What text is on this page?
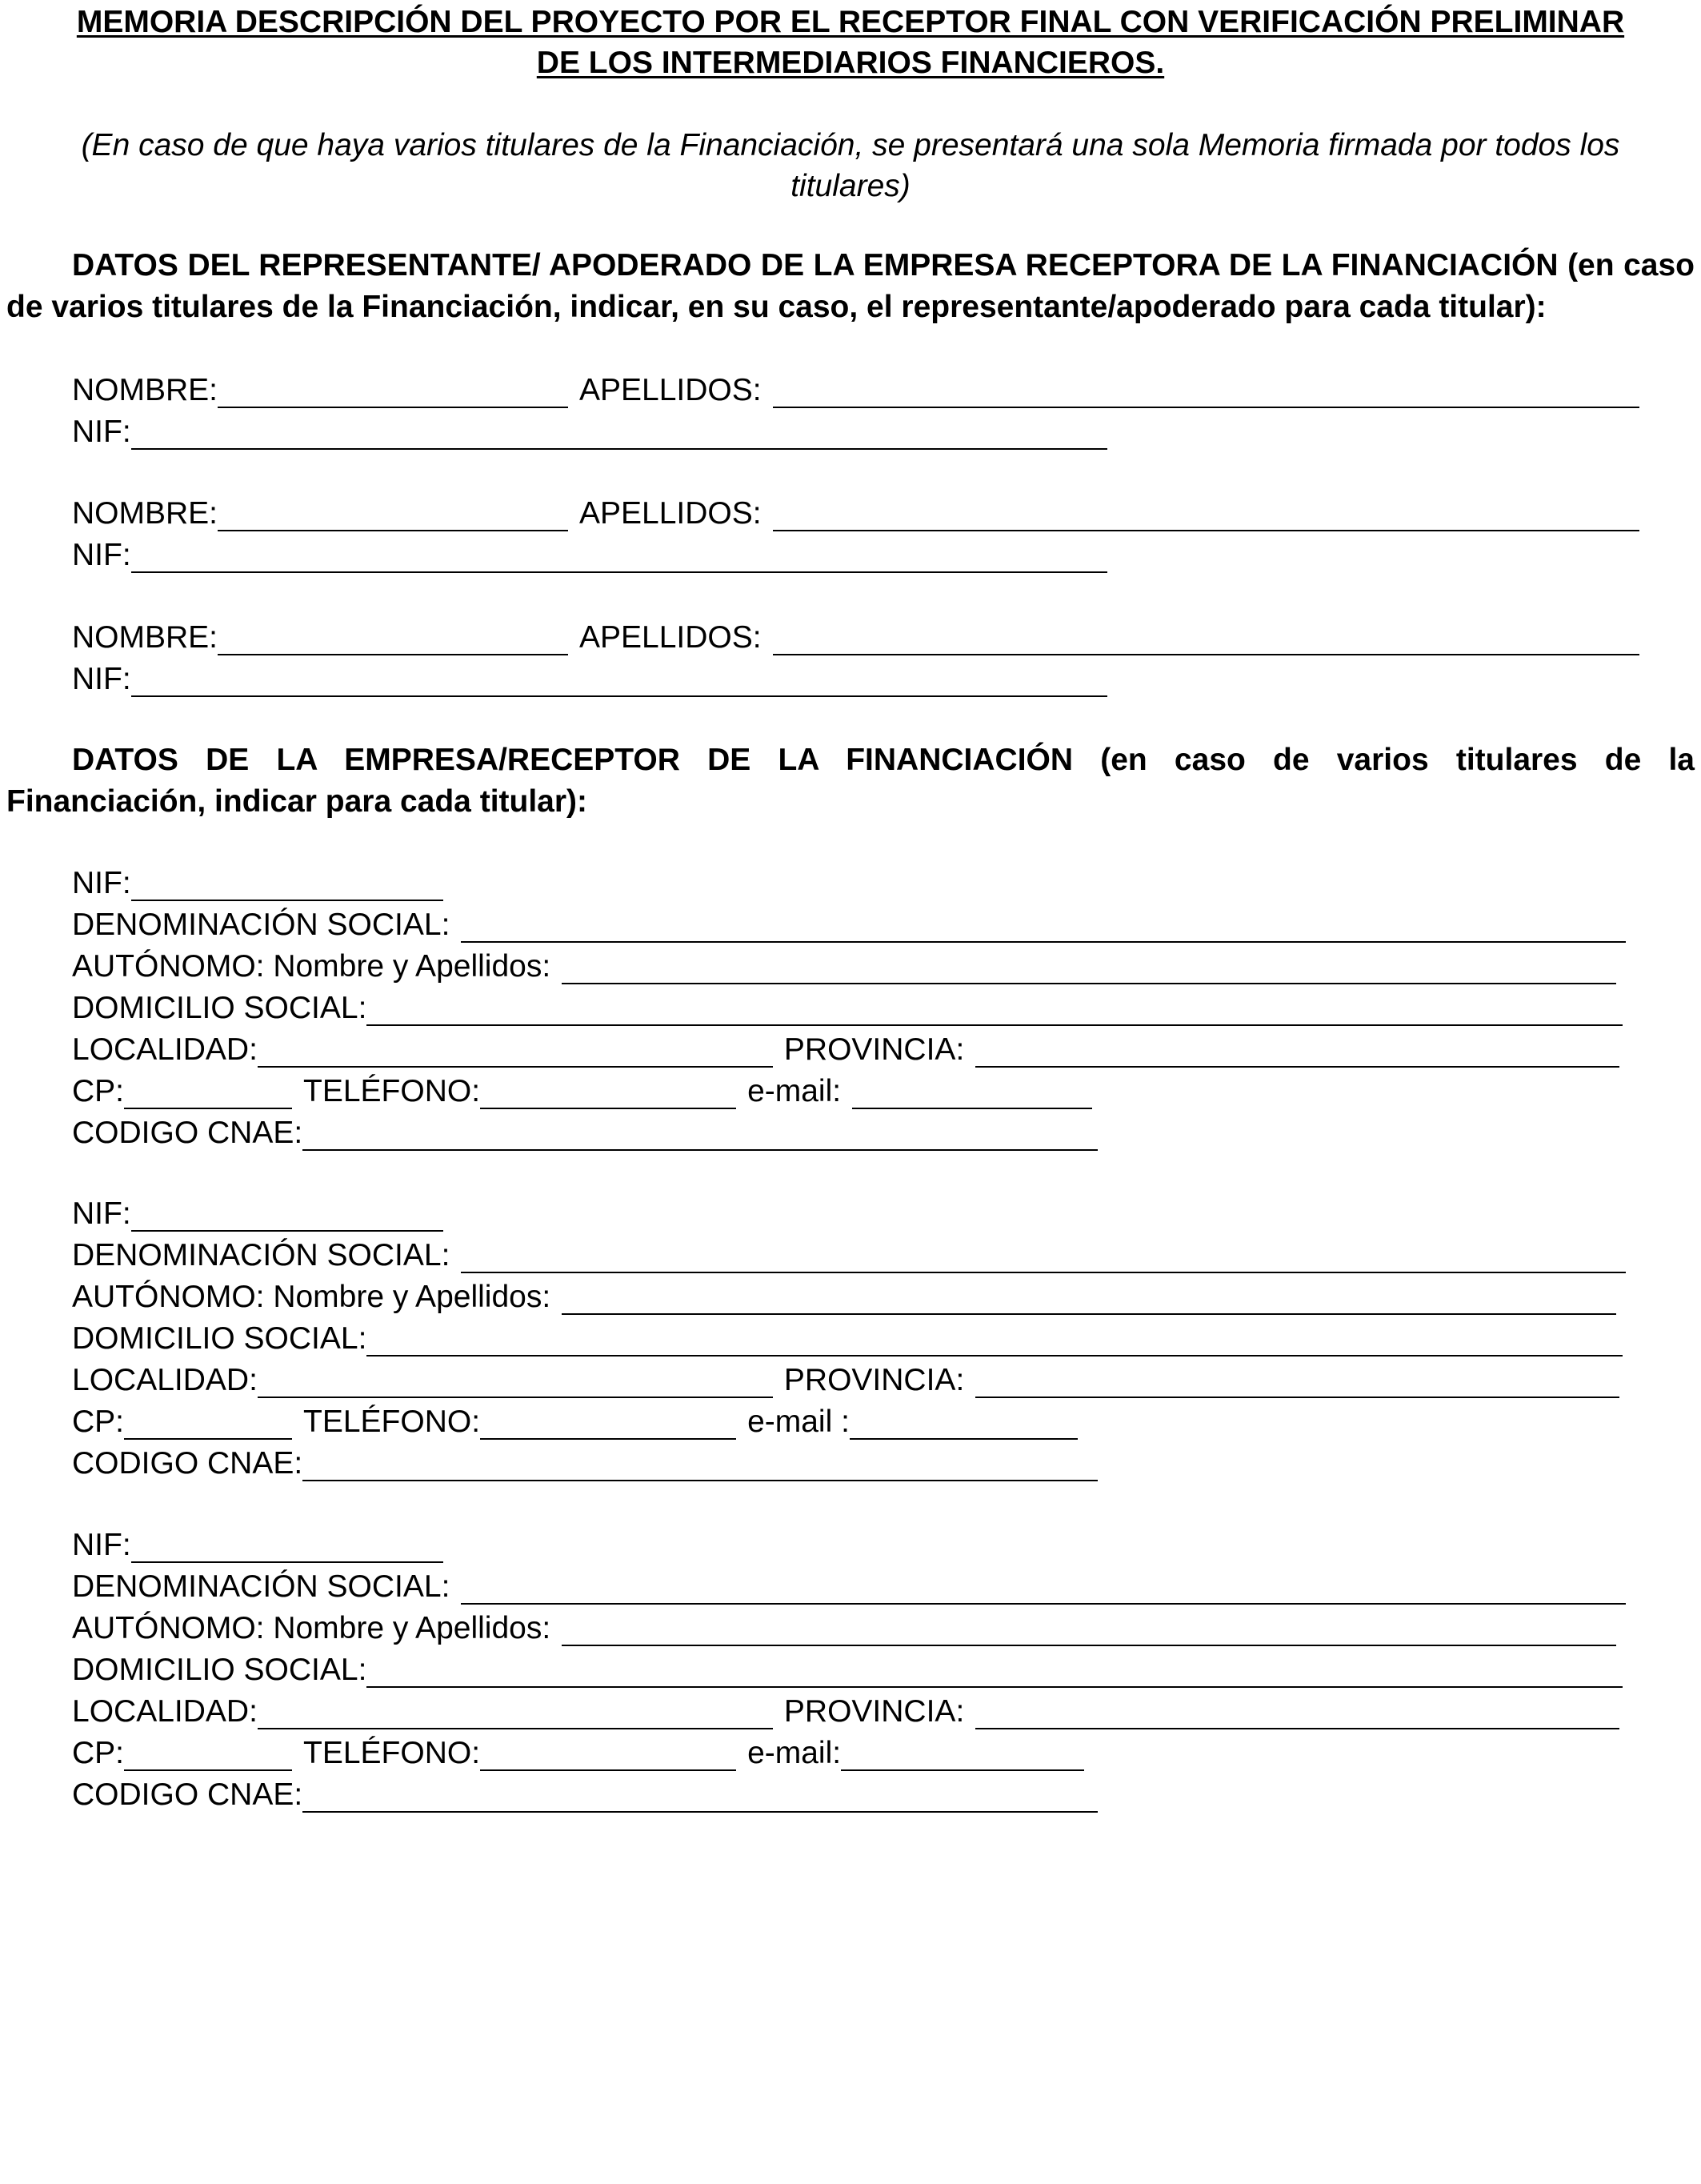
MEMORIA DESCRIPCIÓN DEL PROYECTO POR EL RECEPTOR FINAL CON VERIFICACIÓN PRELIMINAR
DE LOS INTERMEDIARIOS FINANCIEROS.
(En caso de que haya varios titulares de la Financiación, se presentará una sola Memoria firmada por todos los
titulares)
DATOS DEL REPRESENTANTE/ APODERADO DE LA EMPRESA RECEPTORA DE LA FINANCIACIÓN (en caso de varios titulares de la Financiación, indicar, en su caso, el representante/apoderado para cada titular):
NOMBRE:	APELLIDOS:
NIF:
NOMBRE:	APELLIDOS:
NIF:
NOMBRE:	APELLIDOS:
NIF:
DATOS DE LA EMPRESA/RECEPTOR DE LA FINANCIACIÓN (en caso de varios titulares de la
Financiación, indicar para cada titular):
NIF:
DENOMINACIÓN SOCIAL:
AUTÓNOMO: Nombre y Apellidos:
DOMICILIO SOCIAL:
LOCALIDAD:	PROVINCIA:
CP:	TELÉFONO:	e-mail:
CODIGO CNAE:
NIF:
DENOMINACIÓN SOCIAL:
AUTÓNOMO: Nombre y Apellidos:
DOMICILIO SOCIAL:
LOCALIDAD:	PROVINCIA:
CP:	TELÉFONO:	e-mail :
CODIGO CNAE:
NIF:
DENOMINACIÓN SOCIAL:
AUTÓNOMO: Nombre y Apellidos:
DOMICILIO SOCIAL:
LOCALIDAD:	PROVINCIA:
CP:	TELÉFONO:	e-mail:
CODIGO CNAE:
